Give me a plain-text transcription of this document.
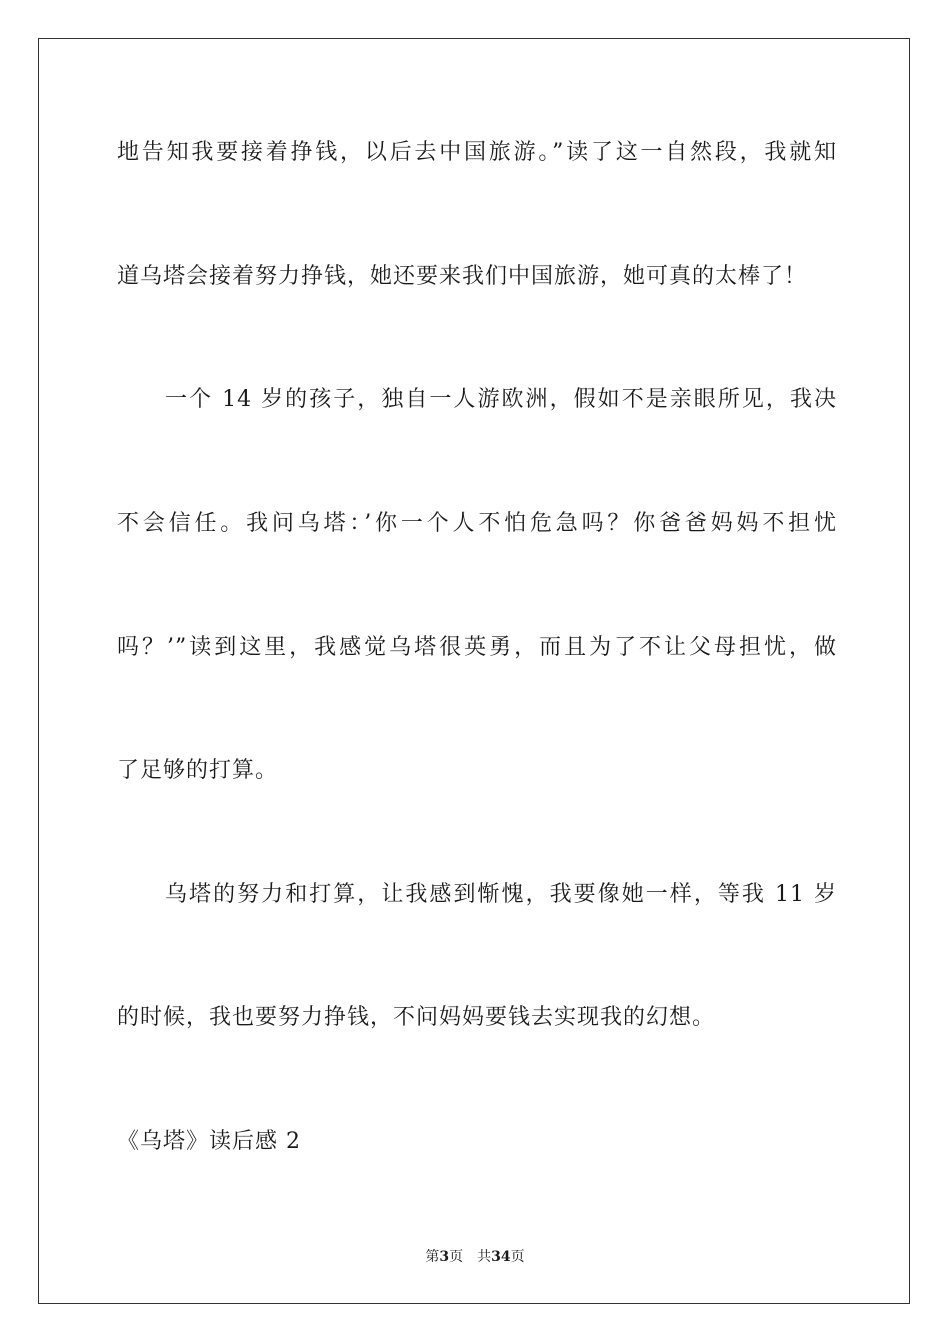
地告知我要接着挣钱，以后去中国旅游。”读了这一自然段，我就知
道乌塔会接着努力挣钱，她还要来我们中国旅游，她可真的太棒了！
一个 14 岁的孩子，独自一人游欧洲，假如不是亲眼所见，我决
不会信任。我问乌塔：’你一个人不怕危急吗？你爸爸妈妈不担忧
吗？’”读到这里，我感觉乌塔很英勇，而且为了不让父母担忧，做
了足够的打算。
乌塔的努力和打算，让我感到惭愧，我要像她一样，等我 11 岁
的时候，我也要努力挣钱，不问妈妈要钱去实现我的幻想。
《乌塔》读后感 2
第3页 共34页
